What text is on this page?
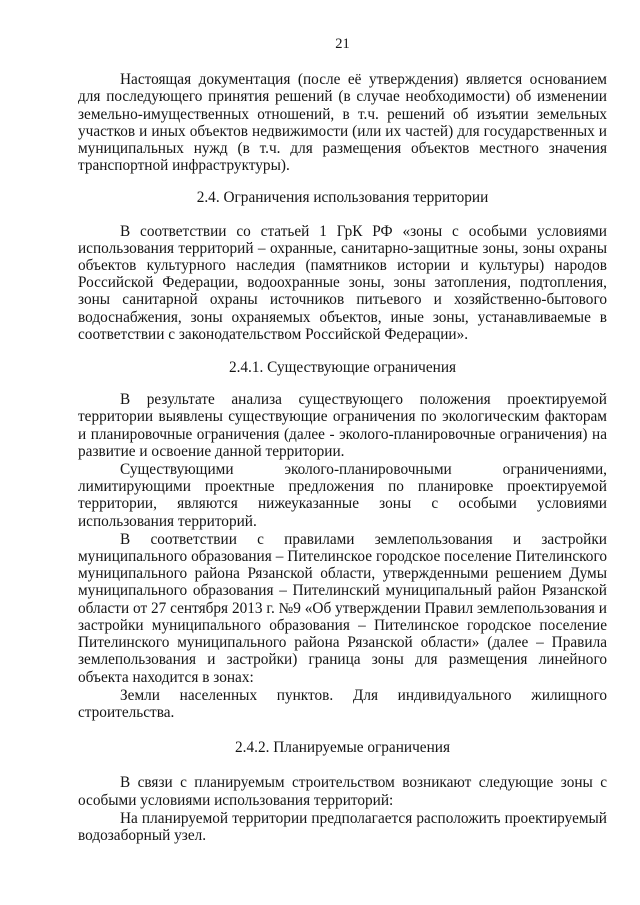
21

Настоящая документация (после её утверждения) является основанием для последующего принятия решений (в случае необходимости) об изменении земельно-имущественных отношений, в т.ч. решений об изъятии земельных участков и иных объектов недвижимости (или их частей) для государственных и муниципальных нужд (в т.ч. для размещения объектов местного значения транспортной инфраструктуры).

2.4. Ограничения использования территории

В соответствии со статьей 1 ГрК РФ «зоны с особыми условиями использования территорий – охранные, санитарно-защитные зоны, зоны охраны объектов культурного наследия (памятников истории и культуры) народов Российской Федерации, водоохранные зоны, зоны затопления, подтопления, зоны санитарной охраны источников питьевого и хозяйственно-бытового водоснабжения, зоны охраняемых объектов, иные зоны, устанавливаемые в соответствии с законодательством Российской Федерации».

2.4.1. Существующие ограничения

В результате анализа существующего положения проектируемой территории выявлены существующие ограничения по экологическим факторам и планировочные ограничения (далее - эколого-планировочные ограничения) на развитие и освоение данной территории.

Существующими эколого-планировочными ограничениями, лимитирующими проектные предложения по планировке проектируемой территории, являются нижеуказанные зоны с особыми условиями использования территорий.

В соответствии с правилами землепользования и застройки муниципального образования – Пителинское городское поселение Пителинского муниципального района Рязанской области, утвержденными решением Думы муниципального образования – Пителинский муниципальный район Рязанской области от 27 сентября 2013 г. №9 «Об утверждении Правил землепользования и застройки муниципального образования – Пителинское городское поселение Пителинского муниципального района Рязанской области» (далее – Правила землепользования и застройки) граница зоны для размещения линейного объекта находится в зонах:

Земли населенных пунктов. Для индивидуального жилищного строительства.

2.4.2. Планируемые ограничения

В связи с планируемым строительством возникают следующие зоны с особыми условиями использования территорий:

На планируемой территории предполагается расположить проектируемый водозаборный узел.
